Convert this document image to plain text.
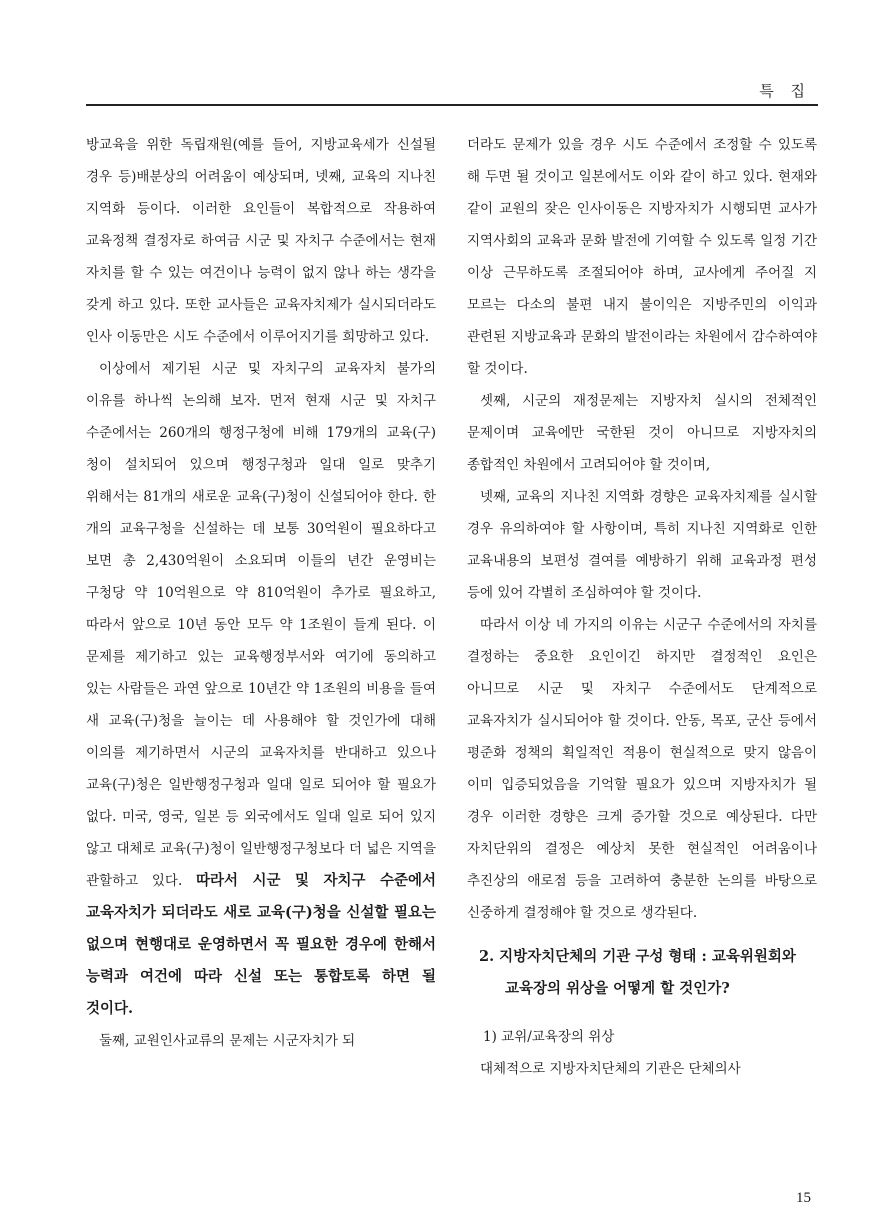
특 집

방교육을 위한 독립재원(예를 들어, 지방교육세가 신설될 경우 등)배분상의 어려움이 예상되며, 넷째, 교육의 지나친 지역화 등이다. 이러한 요인들이 복합적으로 작용하여 교육정책 결정자로 하여금 시군 및 자치구 수준에서는 현재 자치를 할 수 있는 여건이나 능력이 없지 않나 하는 생각을 갖게 하고 있다. 또한 교사들은 교육자치제가 실시되더라도 인사 이동만은 시도 수준에서 이루어지기를 희망하고 있다.

이상에서 제기된 시군 및 자치구의 교육자치 불가의 이유를 하나씩 논의해 보자. 먼저 현재 시군 및 자치구 수준에서는 260개의 행정구청에 비해 179개의 교육(구)청이 설치되어 있으며 행정구청과 일대 일로 맞추기 위해서는 81개의 새로운 교육(구)청이 신설되어야 한다. 한 개의 교육구청을 신설하는 데 보통 30억원이 필요하다고 보면 총 2,430억원이 소요되며 이들의 년간 운영비는 구청당 약 10억원으로 약 810억원이 추가로 필요하고, 따라서 앞으로 10년 동안 모두 약 1조원이 들게 된다. 이 문제를 제기하고 있는 교육행정부서와 여기에 동의하고 있는 사람들은 과연 앞으로 10년간 약 1조원의 비용을 들여 새 교육(구)청을 늘이는 데 사용해야 할 것인가에 대해 이의를 제기하면서 시군의 교육자치를 반대하고 있으나 교육(구)청은 일반행정구청과 일대 일로 되어야 할 필요가 없다. 미국, 영국, 일본 등 외국에서도 일대 일로 되어 있지 않고 대체로 교육(구)청이 일반행정구청보다 더 넓은 지역을 관할하고 있다. 따라서 시군 및 자치구 수준에서 교육자치가 되더라도 새로 교육(구)청을 신설할 필요는 없으며 현행대로 운영하면서 꼭 필요한 경우에 한해서 능력과 여건에 따라 신설 또는 통합토록 하면 될 것이다.

둘째, 교원인사교류의 문제는 시군자치가 되

더라도 문제가 있을 경우 시도 수준에서 조정할 수 있도록 해 두면 될 것이고 일본에서도 이와 같이 하고 있다. 현재와 같이 교원의 잦은 인사이동은 지방자치가 시행되면 교사가 지역사회의 교육과 문화 발전에 기여할 수 있도록 일정 기간 이상 근무하도록 조절되어야 하며, 교사에게 주어질 지 모르는 다소의 불편 내지 불이익은 지방주민의 이익과 관련된 지방교육과 문화의 발전이라는 차원에서 감수하여야 할 것이다.

셋째, 시군의 재정문제는 지방자치 실시의 전체적인 문제이며 교육에만 국한된 것이 아니므로 지방자치의 종합적인 차원에서 고려되어야 할 것이며,

넷째, 교육의 지나친 지역화 경향은 교육자치제를 실시할 경우 유의하여야 할 사항이며, 특히 지나친 지역화로 인한 교육내용의 보편성 결여를 예방하기 위해 교육과정 편성 등에 있어 각별히 조심하여야 할 것이다.

따라서 이상 네 가지의 이유는 시군구 수준에서의 자치를 결정하는 중요한 요인이긴 하지만 결정적인 요인은 아니므로 시군 및 자치구 수준에서도 단계적으로 교육자치가 실시되어야 할 것이다. 안동, 목포, 군산 등에서 평준화 정책의 획일적인 적용이 현실적으로 맞지 않음이 이미 입증되었음을 기억할 필요가 있으며 지방자치가 될 경우 이러한 경향은 크게 증가할 것으로 예상된다. 다만 자치단위의 결정은 예상치 못한 현실적인 어려움이나 추진상의 애로점 등을 고려하여 충분한 논의를 바탕으로 신중하게 결정해야 할 것으로 생각된다.

2. 지방자치단체의 기관 구성 형태 : 교육위원회와 교육장의 위상을 어떻게 할 것인가?

1) 교위/교육장의 위상

대체적으로 지방자치단체의 기관은 단체의사

15
